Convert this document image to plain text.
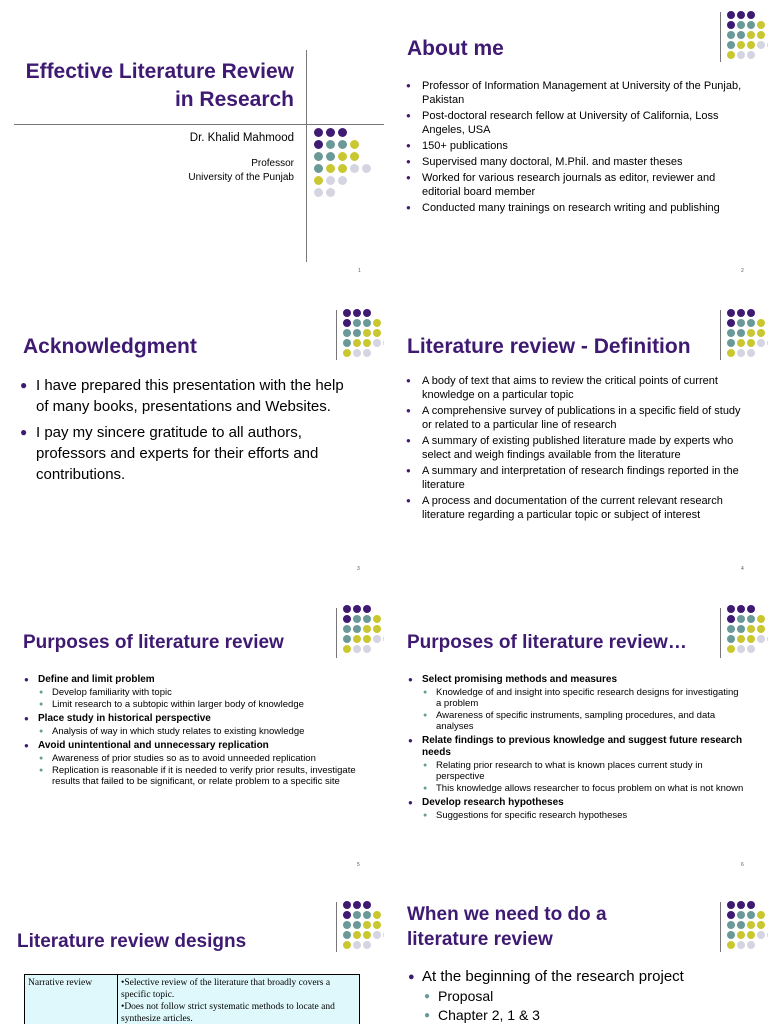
Effective Literature Review in Research
Dr. Khalid Mahmood
Professor
University of the Punjab
1
About me
● Professor of Information Management at University of the Punjab, Pakistan
● Post-doctoral research fellow at University of California, Loss Angeles, USA
● 150+ publications
● Supervised many doctoral, M.Phil. and master theses
● Worked for various research journals as editor, reviewer and editorial board member
● Conducted many trainings on research writing and publishing
2
Acknowledgment
● I have prepared this presentation with the help of many books, presentations and Websites.
● I pay my sincere gratitude to all authors, professors and experts for their efforts and contributions.
3
Literature review - Definition
● A body of text that aims to review the critical points of current knowledge on a particular topic
● A comprehensive survey of publications in a specific field of study or related to a particular line of research
● A summary of existing published literature made by experts who select and weigh findings available from the literature
● A summary and interpretation of research findings reported in the literature
● A process and documentation of the current relevant research literature regarding a particular topic or subject of interest
4
Purposes of literature review
● Define and limit problem
● Develop familiarity with topic
● Limit research to a subtopic within larger body of knowledge
● Place study in historical perspective
● Analysis of way in which study relates to existing knowledge
● Avoid unintentional and unnecessary replication
● Awareness of prior studies so as to avoid unneeded replication
● Replication is reasonable if it is needed to verify prior results, investigate results that failed to be significant, or relate problem to a specific site
5
Purposes of literature review…
● Select promising methods and measures
● Knowledge of and insight into specific research designs for investigating a problem
● Awareness of specific instruments, sampling procedures, and data analyses
● Relate findings to previous knowledge and suggest future research needs
● Relating prior research to what is known places current study in perspective
● This knowledge allows researcher to focus problem on what is not known
● Develop research hypotheses
● Suggestions for specific research hypotheses
6
Literature review designs
Narrative review	•Selective review of the literature that broadly covers a specific topic.
•Does not follow strict systematic methods to locate and synthesize articles.
When we need to do a literature review
● At the beginning of the research project
● Proposal
● Chapter 2, 1 & 3
